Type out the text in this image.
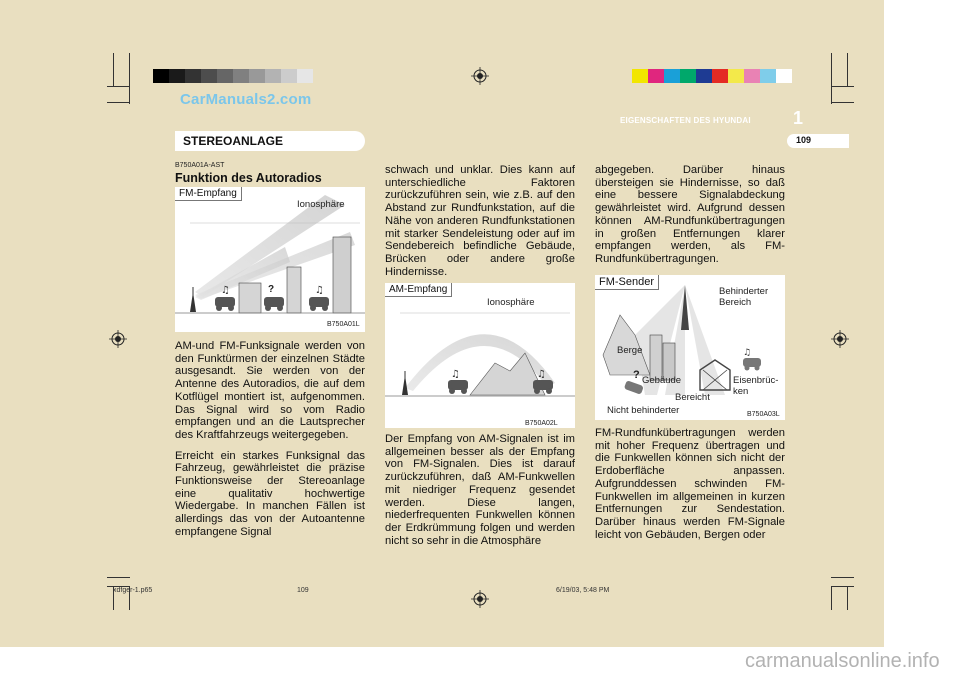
CarManuals2.com
EIGENSCHAFTEN DES HYUNDAI 1
109
STEREOANLAGE
B750A01A-AST
Funktion des Autoradios
♫	♫
FM-Empfang
Ionosphäre
?
B750A01L

AM-und FM-Funksignale werden von den Funktürmen der einzelnen Städte ausgesandt. Sie werden von der Antenne des Autoradios, die auf dem Kotflügel montiert ist, aufgenommen. Das Signal wird so vom Radio empfangen und an die Lautsprecher des Kraftfahrzeugs weitergegeben.

Erreicht ein starkes Funksignal das Fahrzeug, gewährleistet die präzise Funktionsweise der Stereoanlage eine qualitativ hochwertige Wiedergabe. In manchen Fällen ist allerdings das von der Autoantenne empfangene Signal

schwach und unklar. Dies kann auf unterschiedliche Faktoren zurückzuführen sein, wie z.B. auf den Abstand zur Rundfunkstation, auf die Nähe von anderen Rundfunkstationen mit starker Sendeleistung oder auf im Sendebereich befindliche Gebäude, Brücken oder andere große Hindernisse.

♫	♫
AM-Empfang
Ionosphäre
B750A02L

Der Empfang von AM-Signalen ist im allgemeinen besser als der Empfang von FM-Signalen. Dies ist darauf zurückzuführen, daß AM-Funkwellen mit niedriger Frequenz gesendet werden. Diese langen, niederfrequenten Funkwellen können der Erdkrümmung folgen und werden nicht so sehr in die Atmosphäre

abgegeben. Darüber hinaus übersteigen sie Hindernisse, so daß eine bessere Signalabdeckung gewährleistet wird. Aufgrund dessen können AM-Rundfunkübertragungen in großen Entfernungen klarer empfangen werden, als FM-Rundfunkübertragungen.

♫
FM-Sender
Behinderter Bereich
Berge
? Gebäude	Eisenbrüc- ken
Bereicht
Nicht behinderter	B750A03L

FM-Rundfunkübertragungen werden mit hoher Frequenz übertragen und die Funkwellen können sich nicht der Erdoberfläche anpassen. Aufgrunddessen schwinden FM-Funkwellen im allgemeinen in kurzen Entfernungen zur Sendestation. Darüber hinaus werden FM-Signale leicht von Gebäuden, Bergen oder

xdfger-1.p65	109	6/19/03, 5:48 PM
carmanualsonline.info
